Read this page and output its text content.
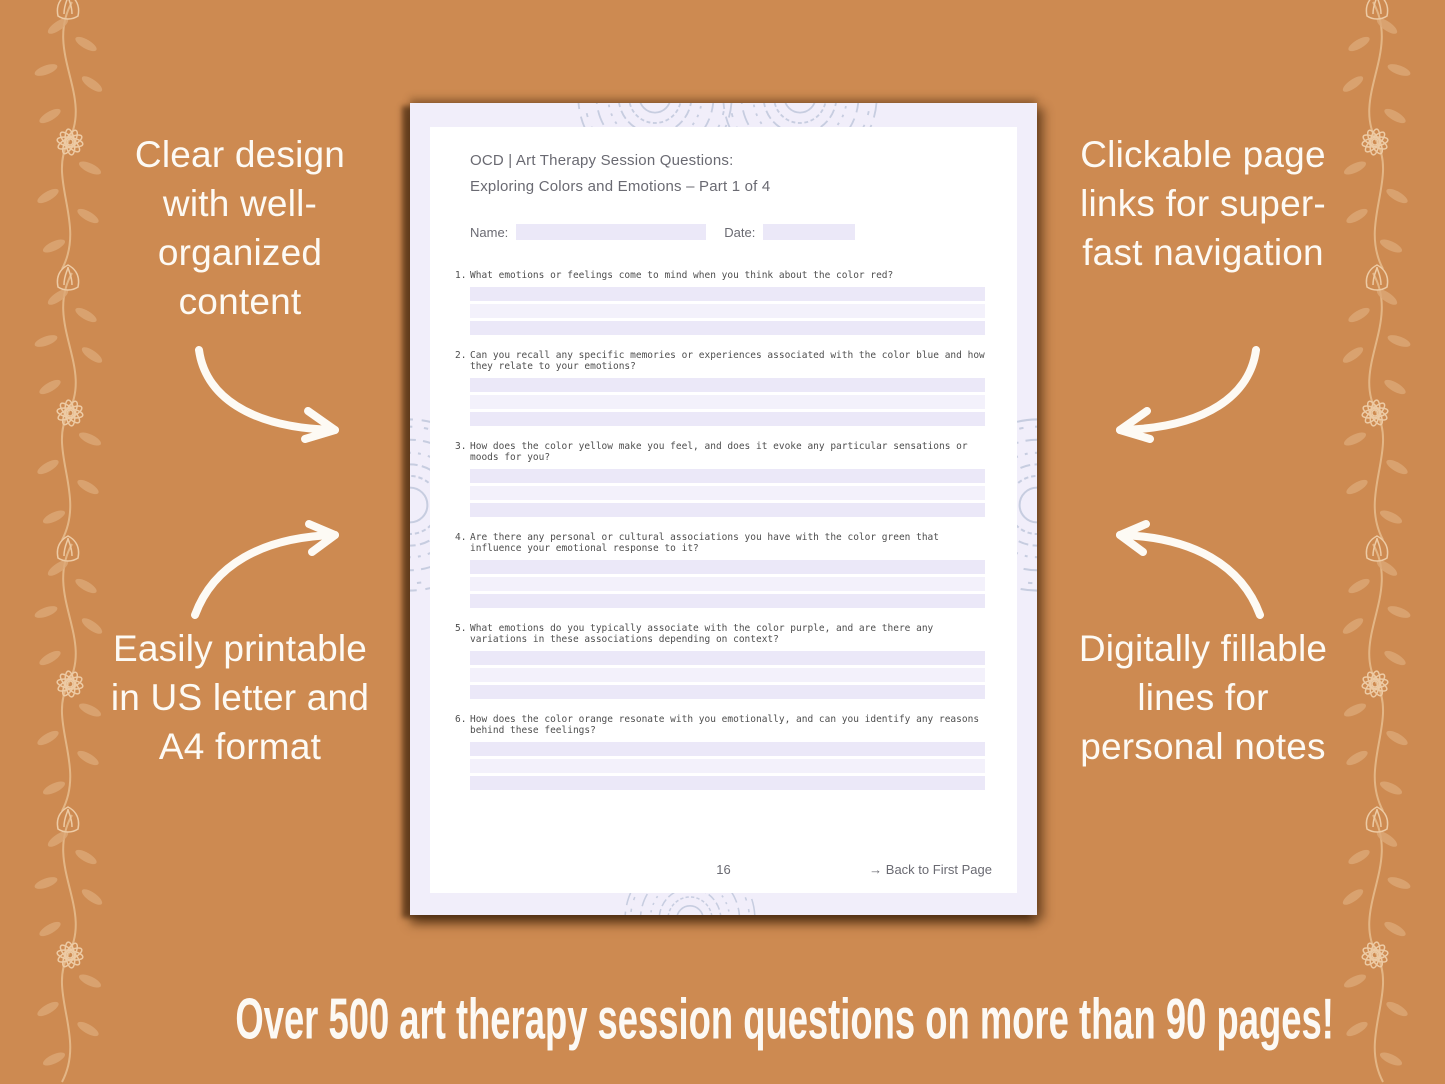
Clear design with well-organized content
Clickable page links for super-fast navigation
Easily printable in US letter and A4 format
Digitally fillable lines for personal notes

OCD | Art Therapy Session Questions:

Exploring Colors and Emotions – Part 1 of 4

Name:	Date:
1. What emotions or feelings come to mind when you think about the color red?
2. Can you recall any specific memories or experiences associated with the color blue and how they relate to your emotions?
3. How does the color yellow make you feel, and does it evoke any particular sensations or moods for you?
4. Are there any personal or cultural associations you have with the color green that influence your emotional response to it?
5. What emotions do you typically associate with the color purple, and are there any variations in these associations depending on context?
6. How does the color orange resonate with you emotionally, and can you identify any reasons behind these feelings?
16	→ Back to First Page
Over 500 art therapy session questions on more than 90 pages!
